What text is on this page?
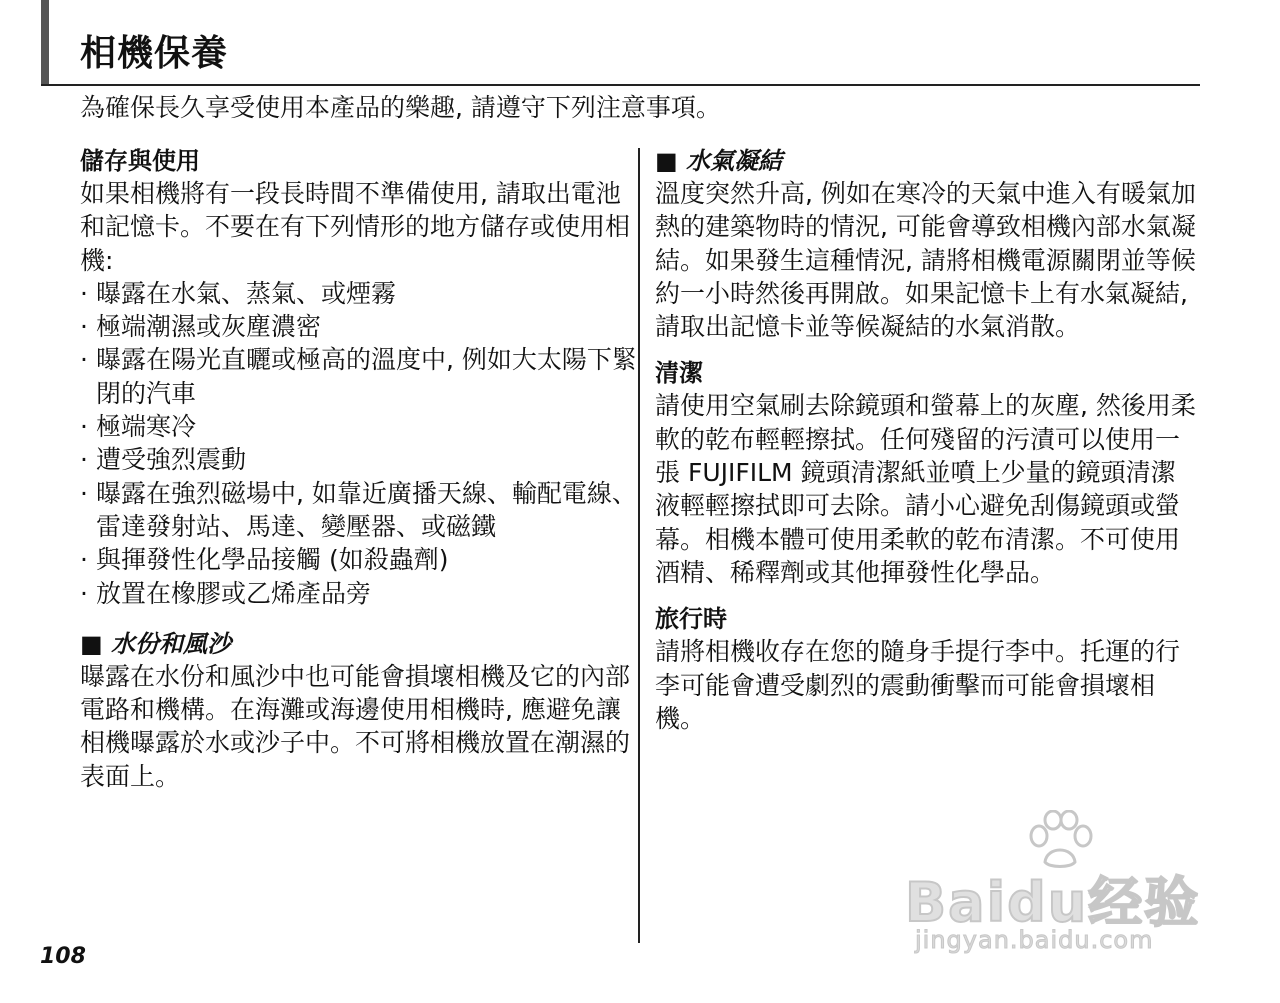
相機保養
為確保長久享受使用本產品的樂趣, 請遵守下列注意事項。
儲存與使用

如果相機將有一段長時間不準備使用, 請取出電池和記憶卡。不要在有下列情形的地方儲存或使用相機:

· 曝露在水氣、蒸氣、或煙霧
· 極端潮濕或灰塵濃密
· 曝露在陽光直曬或極高的溫度中, 例如大太陽下緊閉的汽車
· 極端寒冷
· 遭受強烈震動
· 曝露在強烈磁場中, 如靠近廣播天線、輸配電線、雷達發射站、馬達、變壓器、或磁鐵
· 與揮發性化學品接觸 (如殺蟲劑)
· 放置在橡膠或乙烯產品旁
■ 水份和風沙

曝露在水份和風沙中也可能會損壞相機及它的內部電路和機構。在海灘或海邊使用相機時, 應避免讓相機曝露於水或沙子中。不可將相機放置在潮濕的表面上。

■ 水氣凝結

溫度突然升高, 例如在寒冷的天氣中進入有暖氣加熱的建築物時的情況, 可能會導致相機內部水氣凝結。如果發生這種情況, 請將相機電源關閉並等候約一小時然後再開啟。如果記憶卡上有水氣凝結, 請取出記憶卡並等候凝結的水氣消散。

清潔

請使用空氣刷去除鏡頭和螢幕上的灰塵, 然後用柔軟的乾布輕輕擦拭。任何殘留的污漬可以使用一張 FUJIFILM 鏡頭清潔紙並噴上少量的鏡頭清潔液輕輕擦拭即可去除。請小心避免刮傷鏡頭或螢幕。相機本體可使用柔軟的乾布清潔。不可使用酒精、稀釋劑或其他揮發性化學品。

旅行時

請將相機收存在您的隨身手提行李中。托運的行李可能會遭受劇烈的震動衝擊而可能會損壞相機。

108
Baidu经验
jingyan.baidu.com
